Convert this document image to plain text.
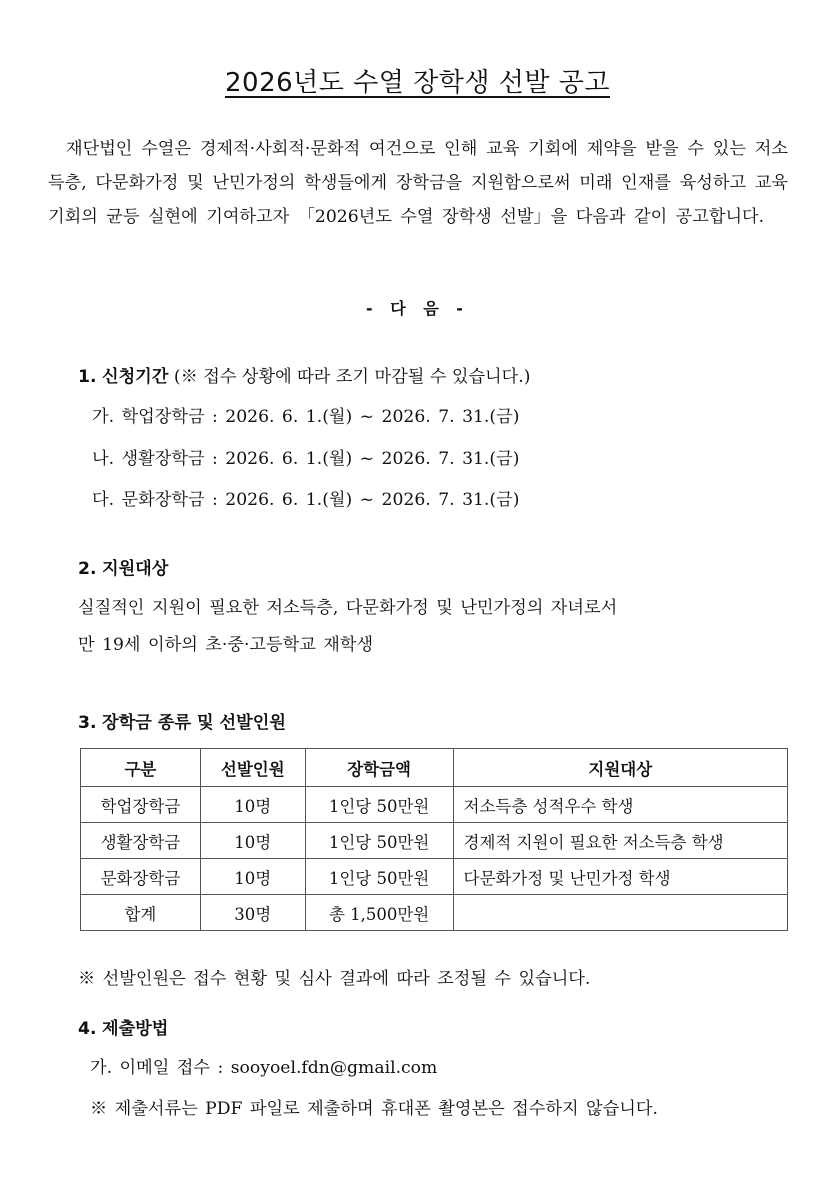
2026년도 수열 장학생 선발 공고
재단법인 수열은 경제적·사회적·문화적 여건으로 인해 교육 기회에 제약을 받을 수 있는 저소득층, 다문화가정 및 난민가정의 학생들에게 장학금을 지원함으로써 미래 인재를 육성하고 교육 기회의 균등 실현에 기여하고자 「2026년도 수열 장학생 선발」을 다음과 같이 공고합니다.
- 다 음 -
1. 신청기간 (※ 접수 상황에 따라 조기 마감될 수 있습니다.)
가. 학업장학금 : 2026. 6. 1.(월) ~ 2026. 7. 31.(금)
나. 생활장학금 : 2026. 6. 1.(월) ~ 2026. 7. 31.(금)
다. 문화장학금 : 2026. 6. 1.(월) ~ 2026. 7. 31.(금)
2. 지원대상
실질적인 지원이 필요한 저소득층, 다문화가정 및 난민가정의 자녀로서
만 19세 이하의 초·중·고등학교 재학생
3. 장학금 종류 및 선발인원
구분	선발인원	장학금액	지원대상
학업장학금	10명	1인당 50만원	저소득층 성적우수 학생
생활장학금	10명	1인당 50만원	경제적 지원이 필요한 저소득층 학생
문화장학금	10명	1인당 50만원	다문화가정 및 난민가정 학생
합계	30명	총 1,500만원	
※ 선발인원은 접수 현황 및 심사 결과에 따라 조정될 수 있습니다.
4. 제출방법
가. 이메일 접수 : sooyoel.fdn@gmail.com
※ 제출서류는 PDF 파일로 제출하며 휴대폰 촬영본은 접수하지 않습니다.
